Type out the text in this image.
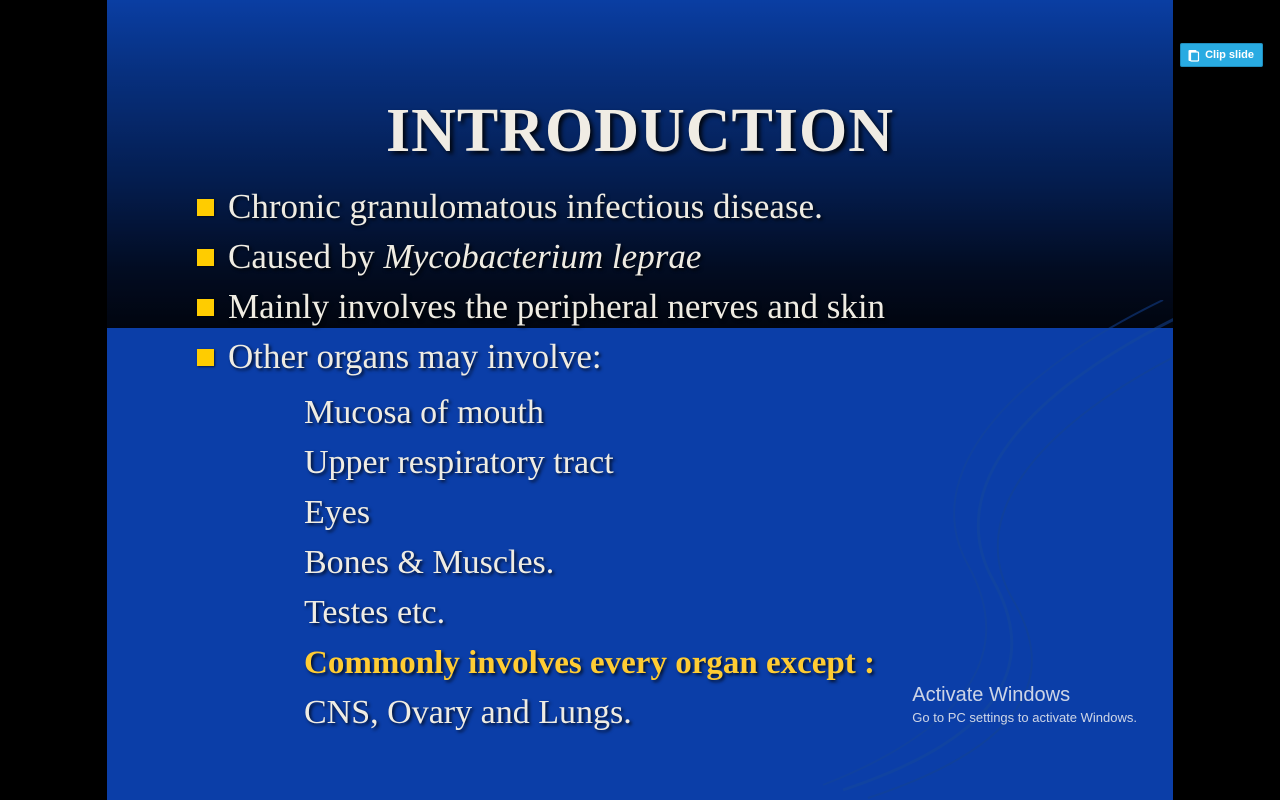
INTRODUCTION
Chronic granulomatous infectious disease.
Caused by Mycobacterium leprae
Mainly involves the peripheral nerves and skin
Other organs may involve:
Mucosa of mouth
Upper respiratory tract
Eyes
Bones & Muscles.
Testes etc.
Commonly involves every organ except :
CNS, Ovary and Lungs.	Activate Windows
Go to PC settings to activate Windows.
Clip slide
